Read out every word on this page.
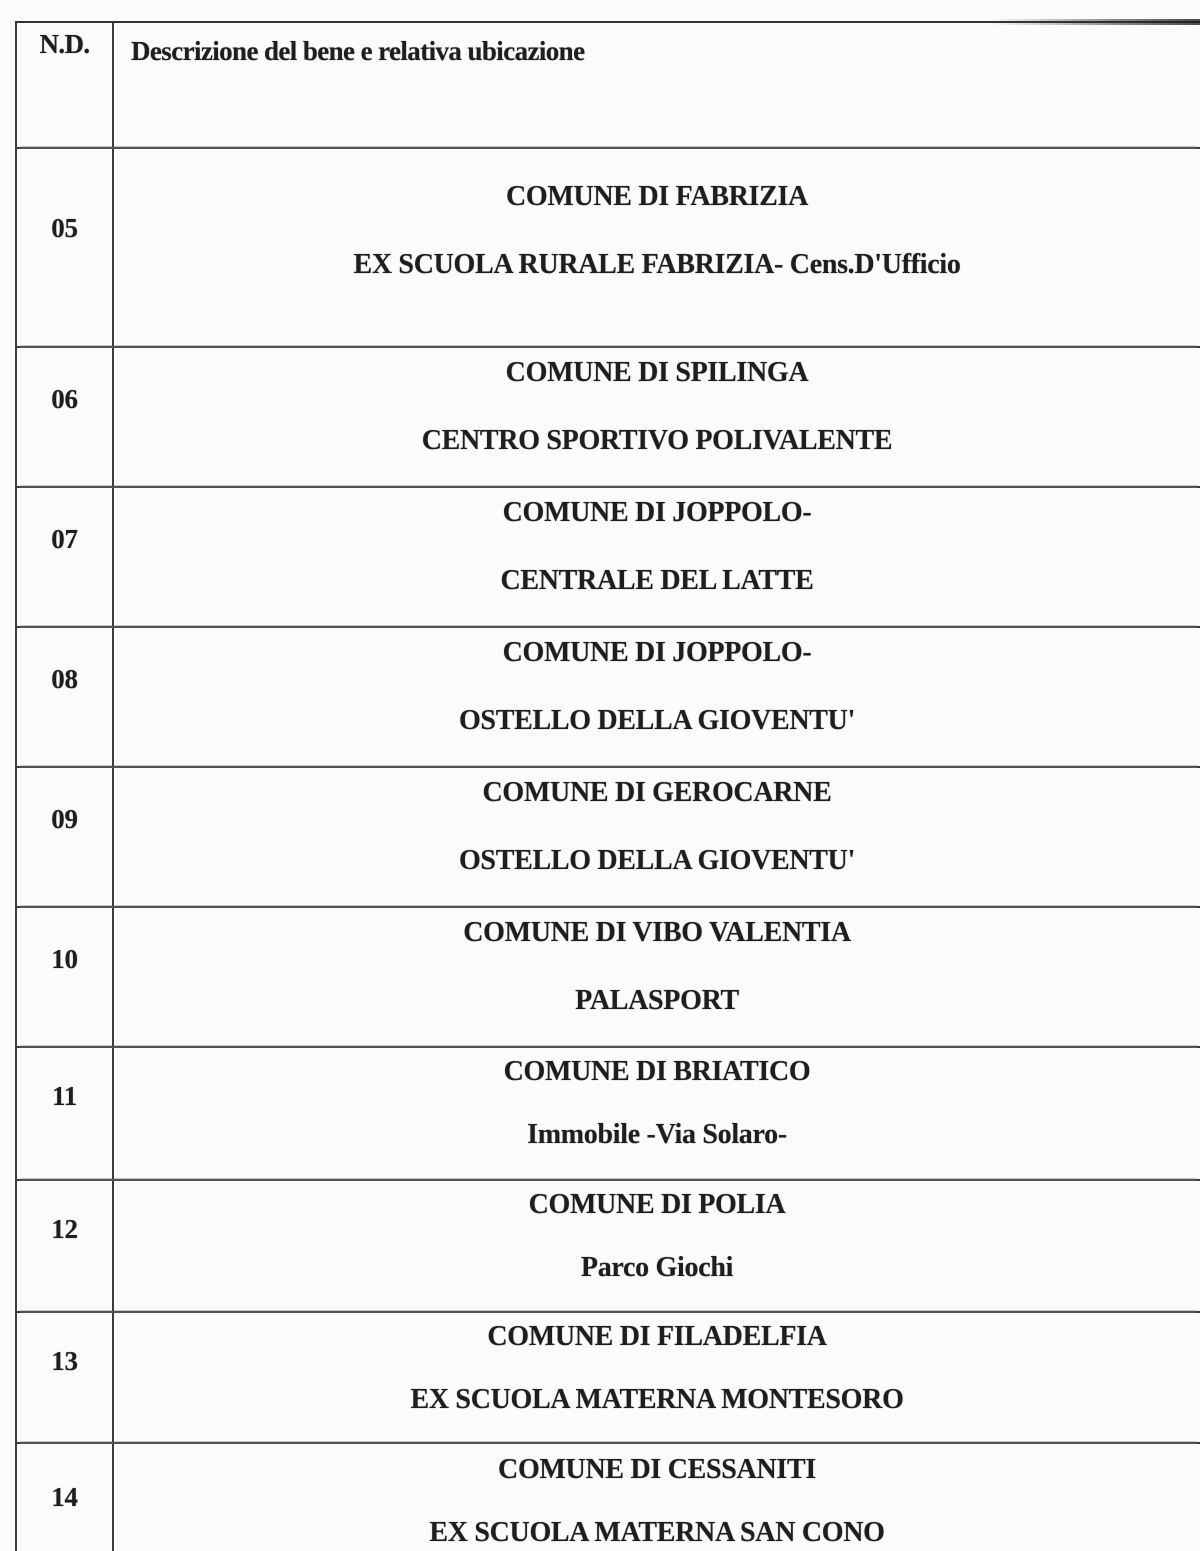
N.D.	Descrizione del bene e relativa ubicazione
05
COMUNE DI FABRIZIA
EX SCUOLA RURALE FABRIZIA- Cens.D'Ufficio
06
COMUNE DI SPILINGA
CENTRO SPORTIVO POLIVALENTE
07
COMUNE DI JOPPOLO-
CENTRALE DEL LATTE
08
COMUNE DI JOPPOLO-
OSTELLO DELLA GIOVENTU'
09
COMUNE DI GEROCARNE
OSTELLO DELLA GIOVENTU'
10
COMUNE DI VIBO VALENTIA
PALASPORT
11
COMUNE DI BRIATICO
Immobile -Via Solaro-
12
COMUNE DI POLIA
Parco Giochi
13
COMUNE DI FILADELFIA
EX SCUOLA MATERNA MONTESORO
14
COMUNE DI CESSANITI
EX SCUOLA MATERNA SAN CONO
